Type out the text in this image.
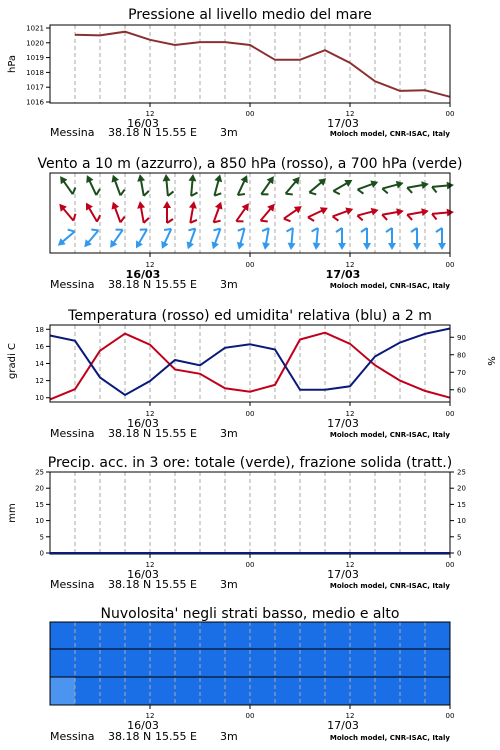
Pressione al livello medio del mare
hPa
1016
1017
1018
1019
1020
1021
12	00	12	00
16/03	17/03
Messina 38.18 N 15.55 E 3m	Moloch model, CNR-ISAC, Italy
Vento a 10 m (azzurro), a 850 hPa (rosso), a 700 hPa (verde)
12	00	12	00
16/03	17/03
Messina 38.18 N 15.55 E 3m	Moloch model, CNR-ISAC, Italy
Temperatura (rosso) ed umidita' relativa (blu) a 2 m
gradi C	%
10
12
14
16
18
60
70
80
90
12	00	12	00
16/03	17/03
Messina 38.18 N 15.55 E 3m	Moloch model, CNR-ISAC, Italy
Precip. acc. in 3 ore: totale (verde), frazione solida (tratt.)
mm
0
5
10
15
20
25
0
5
10
15
20
25
12	00	12	00
16/03	17/03
Messina 38.18 N 15.55 E 3m	Moloch model, CNR-ISAC, Italy
Nuvolosita' negli strati basso, medio e alto
12	00	12	00
16/03	17/03
Messina 38.18 N 15.55 E 3m	Moloch model, CNR-ISAC, Italy
